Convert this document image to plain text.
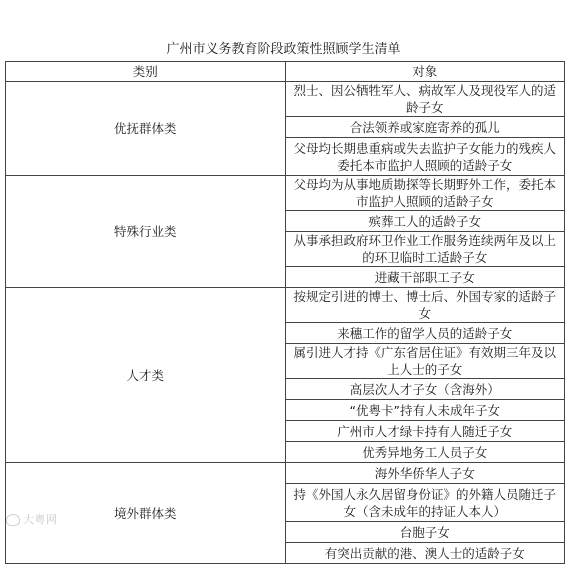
广州市义务教育阶段政策性照顾学生清单
类别	对象
优抚群体类	烈士、因公牺牲军人、病故军人及现役军人的适龄子女
	合法领养或家庭寄养的孤儿
	父母均长期患重病或失去监护子女能力的残疾人委托本市监护人照顾的适龄子女
特殊行业类	父母均为从事地质勘探等长期野外工作，委托本市监护人照顾的适龄子女
	殡葬工人的适龄子女
	从事承担政府环卫作业工作服务连续两年及以上的环卫临时工适龄子女
	进藏干部职工子女
人才类	按规定引进的博士、博士后、外国专家的适龄子女
	来穗工作的留学人员的适龄子女
	属引进人才持《广东省居住证》有效期三年及以上人士的子女
	高层次人才子女（含海外）
	“优粤卡”持有人未成年子女
	广州市人才绿卡持有人随迁子女
	优秀异地务工人员子女
境外群体类	海外华侨华人子女
	持《外国人永久居留身份证》的外籍人员随迁子女（含未成年的持证人本人）
	台胞子女
	有突出贡献的港、澳人士的适龄子女
大粤网
